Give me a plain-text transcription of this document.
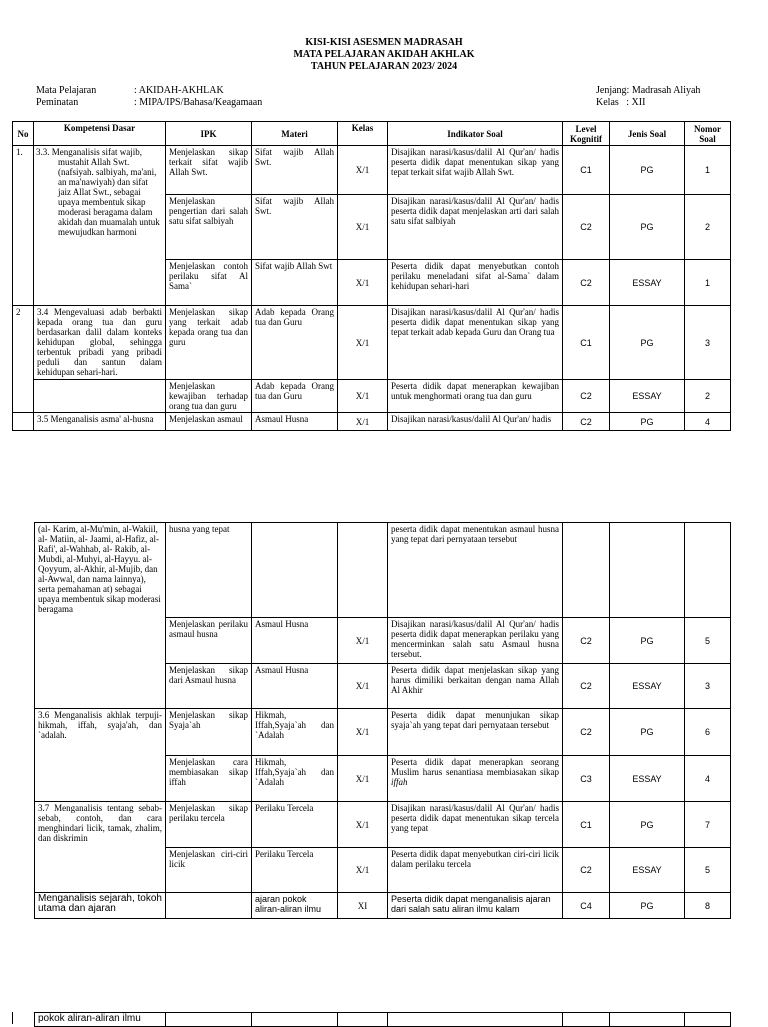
KISI-KISI ASESMEN MADRASAH
MATA PELAJARAN AKIDAH AKHLAK
TAHUN PELAJARAN 2023/ 2024
Mata Pelajaran	: AKIDAH-AKHLAK
Peminatan	: MIPA/IPS/Bahasa/Keagamaan
Jenjang: Madrasah Aliyah
Kelas   : XII
No	Kompetensi Dasar	IPK	Materi	Kelas	Indikator Soal	Level Kognitif	Jenis Soal	Nomor Soal
1.	3.3. Menganalisis sifat wajib, mustahit Allah Swt. (nafsiyah. salbiyah, ma'ani, an ma'nawiyah) dan sifat jaiz Allat Swt., sebagai upaya membentuk sikap moderasi beragama dalam akidah dan muamalah untuk mewujudkan harmoni	Menjelaskan sikap terkait sifat wajib Allah Swt.	Sifat wajib Allah Swt.	X/1	Disajikan narasi/kasus/dalil Al Qur'an/ hadis peserta didik dapat menentukan sikap yang tepat terkait sifat wajib Allah Swt.	C1	PG	1
		Menjelaskan pengertian dari salah satu sifat salbiyah	Sifat wajib Allah Swt.	X/1	Disajikan narasi/kasus/dalil Al Qur'an/ hadis peserta didik dapat menjelaskan arti dari salah satu sifat salbiyah	C2	PG	2
		Menjelaskan contoh perilaku sifat Al Sama`	Sifat wajib Allah Swt	X/1	Peserta didik dapat menyebutkan contoh perilaku meneladani sifat al-Sama` dalam kehidupan sehari-hari	C2	ESSAY	1
2	3.4 Mengevaluasi adab berbakti kepada orang tua dan guru berdasarkan dalil dalam konteks kehidupan global, sehingga terbentuk pribadi yang pribadi peduli dan santun dalam kehidupan sehari-hari.	Menjelaskan sikap yang terkait adab kepada orang tua dan guru	Adab kepada Orang tua dan Guru	X/1	Disajikan narasi/kasus/dalil Al Qur'an/ hadis peserta didik dapat menentukan sikap yang tepat terkait adab kepada Guru dan Orang tua	C1	PG	3
		Menjelaskan kewajiban terhadap orang tua dan guru	Adab kepada Orang tua dan Guru	X/1	Peserta didik dapat menerapkan kewajiban untuk menghormati orang tua dan guru	C2	ESSAY	2
	3.5 Menganalisis asma' al-husna	Menjelaskan asmaul	Asmaul Husna	X/1	Disajikan narasi/kasus/dalil Al Qur'an/ hadis	C2	PG	4
(al- Karim, al-Mu'min, al-Wakiil, al- Matiin, al- Jaami, al-Hafiz, al-Rafi', al-Wahhab, al- Rakib, al-Mubdi, al-Muhyi, al-Hayyu. al-Qoyyum, al-Akhir, al-Mujib, dan al-Awwal, dan nama lainnya), serta pemahaman at) sebagai upaya membentuk sikap moderasi beragama	husna yang tepat			peserta didik dapat menentukan asmaul husna yang tepat dari pernyataan tersebut			
	Menjelaskan perilaku asmaul husna	Asmaul Husna	X/1	Disajikan narasi/kasus/dalil Al Qur'an/ hadis peserta didik dapat menerapkan perilaku yang mencerminkan salah satu Asmaul husna tersebut.	C2	PG	5
	Menjelaskan sikap dari Asmaul husna	Asmaul Husna	X/1	Peserta didik dapat menjelaskan sikap yang harus dimiliki berkaitan dengan nama Allah Al Akhir	C2	ESSAY	3
3.6 Menganalisis akhlak terpuji-hikmah, iffah, syaja'ah, dan `adalah.	Menjelaskan sikap Syaja`ah	Hikmah, Iffah,Syaja`ah dan `Adalah	X/1	Peserta didik dapat menunjukan sikap syaja`ah yang tepat dari pernyataan tersebut	C2	PG	6
	Menjelaskan cara membiasakan sikap iffah	Hikmah, Iffah,Syaja`ah dan `Adalah	X/1	Peserta didik dapat menerapkan seorang Muslim harus senantiasa membiasakan sikap iffah	C3	ESSAY	4
3.7 Menganalisis tentang sebab-sebab, contoh, dan cara menghindari licik, tamak, zhalim, dan diskrimin	Menjelaskan sikap perilaku tercela	Perilaku Tercela	X/1	Disajikan narasi/kasus/dalil Al Qur'an/ hadis peserta didik dapat menentukan sikap tercela yang tepat	C1	PG	7
	Menjelaskan ciri-ciri licik	Perilaku Tercela	X/1	Peserta didik dapat menyebutkan ciri-ciri licik dalam perilaku tercela	C2	ESSAY	5
Menganalisis sejarah, tokoh utama dan ajaran		ajaran pokok aliran-aliran ilmu	XI	Peserta didik dapat menganalisis ajaran dari salah satu aliran ilmu kalam	C4	PG	8
pokok aliran-aliran ilmu							
